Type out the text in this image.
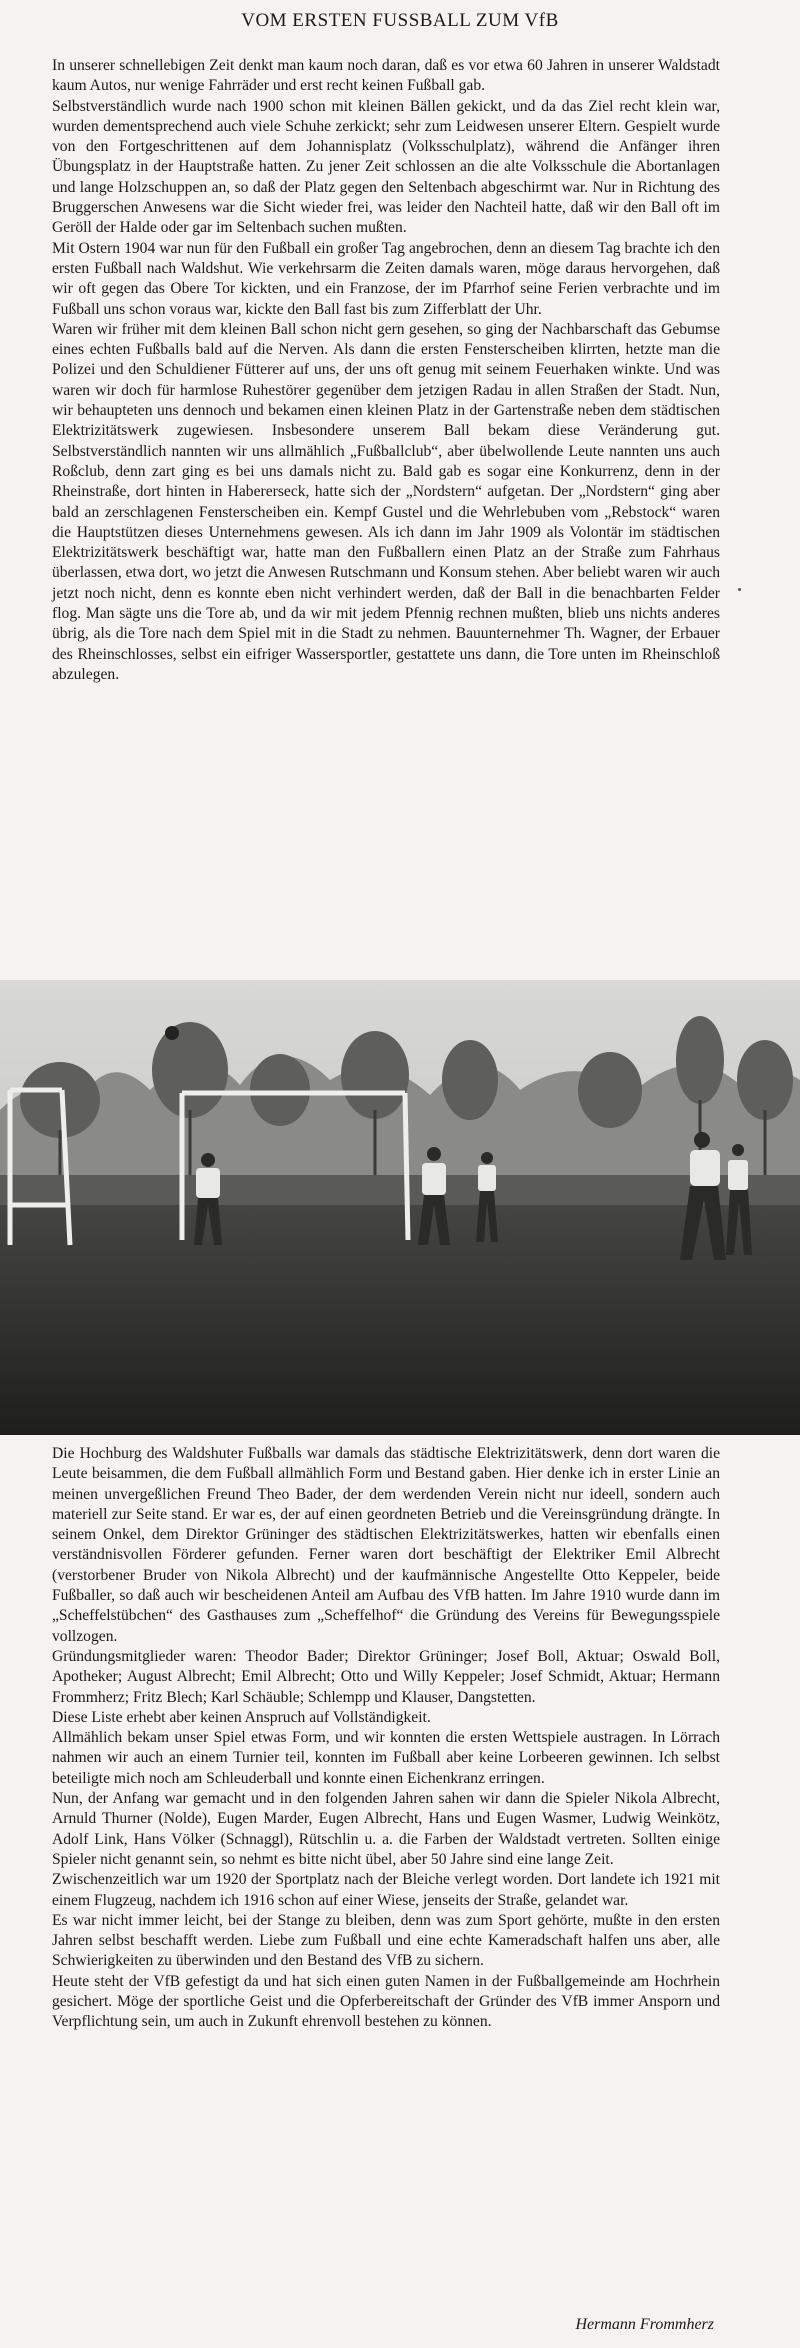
VOM ERSTEN FUSSBALL ZUM VfB

In unserer schnellebigen Zeit denkt man kaum noch daran, daß es vor etwa 60 Jahren in unserer Waldstadt kaum Autos, nur wenige Fahrräder und erst recht keinen Fußball gab.

Selbstverständlich wurde nach 1900 schon mit kleinen Bällen gekickt, und da das Ziel recht klein war, wurden dementsprechend auch viele Schuhe zerkickt; sehr zum Leidwesen unserer Eltern. Gespielt wurde von den Fortgeschrittenen auf dem Johannisplatz (Volksschulplatz), während die Anfänger ihren Übungsplatz in der Hauptstraße hatten. Zu jener Zeit schlossen an die alte Volksschule die Abortanlagen und lange Holzschuppen an, so daß der Platz gegen den Seltenbach abgeschirmt war. Nur in Richtung des Bruggerschen Anwesens war die Sicht wieder frei, was leider den Nachteil hatte, daß wir den Ball oft im Geröll der Halde oder gar im Seltenbach suchen mußten.

Mit Ostern 1904 war nun für den Fußball ein großer Tag angebrochen, denn an diesem Tag brachte ich den ersten Fußball nach Waldshut. Wie verkehrsarm die Zeiten damals waren, möge daraus hervorgehen, daß wir oft gegen das Obere Tor kickten, und ein Franzose, der im Pfarrhof seine Ferien verbrachte und im Fußball uns schon voraus war, kickte den Ball fast bis zum Zifferblatt der Uhr.

Waren wir früher mit dem kleinen Ball schon nicht gern gesehen, so ging der Nachbarschaft das Gebumse eines echten Fußballs bald auf die Nerven. Als dann die ersten Fensterscheiben klirrten, hetzte man die Polizei und den Schuldiener Fütterer auf uns, der uns oft genug mit seinem Feuerhaken winkte. Und was waren wir doch für harmlose Ruhestörer gegenüber dem jetzigen Radau in allen Straßen der Stadt. Nun, wir behaupteten uns dennoch und bekamen einen kleinen Platz in der Gartenstraße neben dem städtischen Elektrizitätswerk zugewiesen. Insbesondere unserem Ball bekam diese Veränderung gut. Selbstverständlich nannten wir uns allmählich „Fußballclub“, aber übelwollende Leute nannten uns auch Roßclub, denn zart ging es bei uns damals nicht zu. Bald gab es sogar eine Konkurrenz, denn in der Rheinstraße, dort hinten in Habererseck, hatte sich der „Nordstern“ aufgetan. Der „Nordstern“ ging aber bald an zerschlagenen Fensterscheiben ein. Kempf Gustel und die Wehrlebuben vom „Rebstock“ waren die Hauptstützen dieses Unternehmens gewesen. Als ich dann im Jahr 1909 als Volontär im städtischen Elektrizitätswerk beschäftigt war, hatte man den Fußballern einen Platz an der Straße zum Fahrhaus überlassen, etwa dort, wo jetzt die Anwesen Rutschmann und Konsum stehen. Aber beliebt waren wir auch jetzt noch nicht, denn es konnte eben nicht verhindert werden, daß der Ball in die benachbarten Felder flog. Man sägte uns die Tore ab, und da wir mit jedem Pfennig rechnen mußten, blieb uns nichts anderes übrig, als die Tore nach dem Spiel mit in die Stadt zu nehmen. Bauunternehmer Th. Wagner, der Erbauer des Rheinschlosses, selbst ein eifriger Wassersportler, gestattete uns dann, die Tore unten im Rheinschloß abzulegen.

Die Hochburg des Waldshuter Fußballs war damals das städtische Elektrizitätswerk, denn dort waren die Leute beisammen, die dem Fußball allmählich Form und Bestand gaben. Hier denke ich in erster Linie an meinen unvergeßlichen Freund Theo Bader, der dem werdenden Verein nicht nur ideell, sondern auch materiell zur Seite stand. Er war es, der auf einen geordneten Betrieb und die Vereinsgründung drängte. In seinem Onkel, dem Direktor Grüninger des städtischen Elektrizitätswerkes, hatten wir ebenfalls einen verständnisvollen Förderer gefunden. Ferner waren dort beschäftigt der Elektriker Emil Albrecht (verstorbener Bruder von Nikola Albrecht) und der kaufmännische Angestellte Otto Keppeler, beide Fußballer, so daß auch wir bescheidenen Anteil am Aufbau des VfB hatten. Im Jahre 1910 wurde dann im „Scheffelstübchen“ des Gasthauses zum „Scheffelhof“ die Gründung des Vereins für Bewegungsspiele vollzogen.

Gründungsmitglieder waren: Theodor Bader; Direktor Grüninger; Josef Boll, Aktuar; Oswald Boll, Apotheker; August Albrecht; Emil Albrecht; Otto und Willy Keppeler; Josef Schmidt, Aktuar; Hermann Frommherz; Fritz Blech; Karl Schäuble; Schlempp und Klauser, Dangstetten.

Diese Liste erhebt aber keinen Anspruch auf Vollständigkeit.

Allmählich bekam unser Spiel etwas Form, und wir konnten die ersten Wettspiele austragen. In Lörrach nahmen wir auch an einem Turnier teil, konnten im Fußball aber keine Lorbeeren gewinnen. Ich selbst beteiligte mich noch am Schleuderball und konnte einen Eichenkranz erringen.

Nun, der Anfang war gemacht und in den folgenden Jahren sahen wir dann die Spieler Nikola Albrecht, Arnuld Thurner (Nolde), Eugen Marder, Eugen Albrecht, Hans und Eugen Wasmer, Ludwig Weinkötz, Adolf Link, Hans Völker (Schnaggl), Rütschlin u. a. die Farben der Waldstadt vertreten. Sollten einige Spieler nicht genannt sein, so nehmt es bitte nicht übel, aber 50 Jahre sind eine lange Zeit.

Zwischenzeitlich war um 1920 der Sportplatz nach der Bleiche verlegt worden. Dort landete ich 1921 mit einem Flugzeug, nachdem ich 1916 schon auf einer Wiese, jenseits der Straße, gelandet war.

Es war nicht immer leicht, bei der Stange zu bleiben, denn was zum Sport gehörte, mußte in den ersten Jahren selbst beschafft werden. Liebe zum Fußball und eine echte Kameradschaft halfen uns aber, alle Schwierigkeiten zu überwinden und den Bestand des VfB zu sichern.

Heute steht der VfB gefestigt da und hat sich einen guten Namen in der Fußballgemeinde am Hochrhein gesichert. Möge der sportliche Geist und die Opferbereitschaft der Gründer des VfB immer Ansporn und Verpflichtung sein, um auch in Zukunft ehrenvoll bestehen zu können.

Hermann Frommherz
